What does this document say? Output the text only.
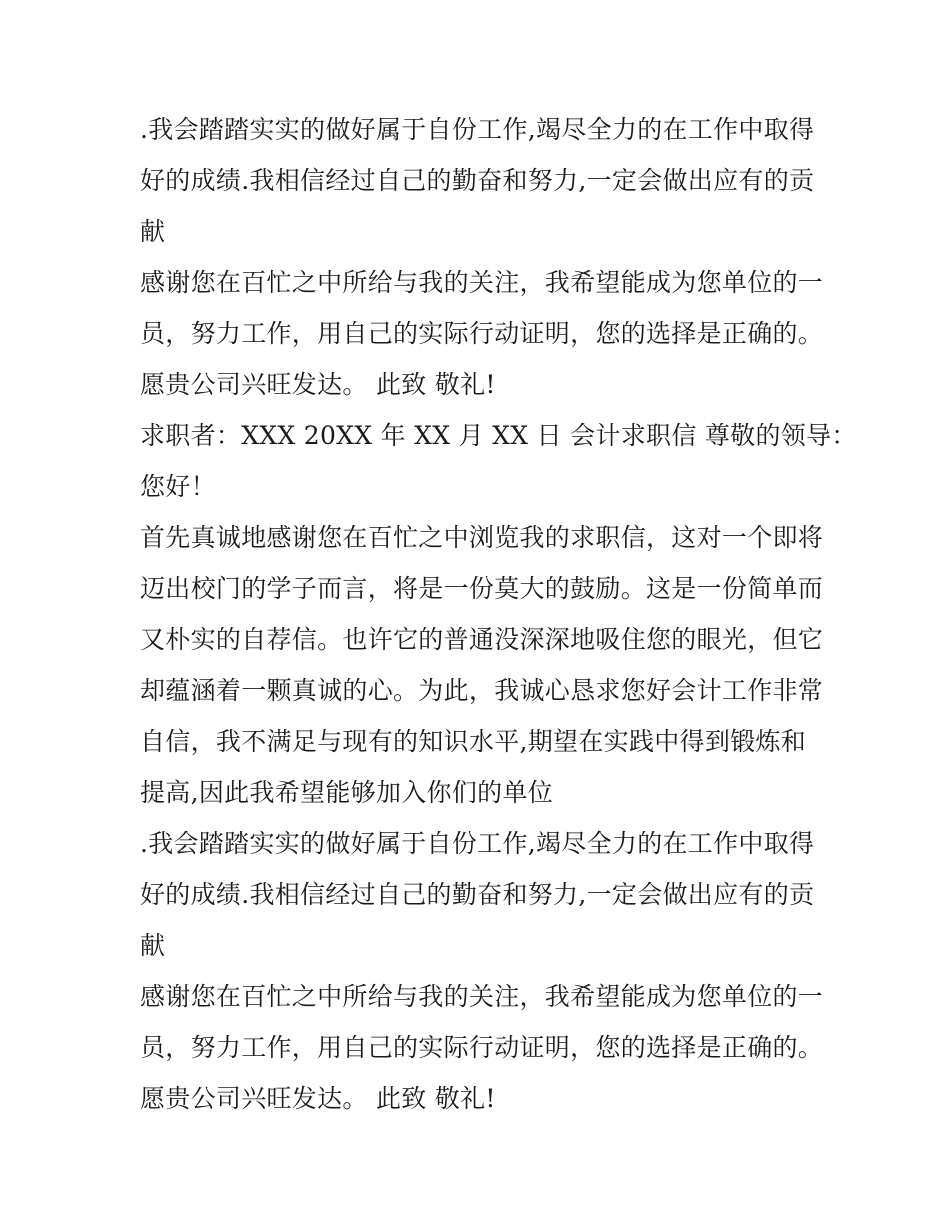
.我会踏踏实实的做好属于自份工作,竭尽全力的在工作中取得
好的成绩.我相信经过自己的勤奋和努力,一定会做出应有的贡
献
感谢您在百忙之中所给与我的关注，我希望能成为您单位的一
员，努力工作，用自己的实际行动证明，您的选择是正确的。
愿贵公司兴旺发达。 此致 敬礼!
求职者：XXX 20XX 年 XX 月 XX 日 会计求职信 尊敬的领导：
您好！
首先真诚地感谢您在百忙之中浏览我的求职信，这对一个即将
迈出校门的学子而言，将是一份莫大的鼓励。这是一份简单而
又朴实的自荐信。也许它的普通没深深地吸住您的眼光，但它
却蕴涵着一颗真诚的心。为此，我诚心恳求您好会计工作非常
自信，我不满足与现有的知识水平,期望在实践中得到锻炼和
提高,因此我希望能够加入你们的单位
.我会踏踏实实的做好属于自份工作,竭尽全力的在工作中取得
好的成绩.我相信经过自己的勤奋和努力,一定会做出应有的贡
献
感谢您在百忙之中所给与我的关注，我希望能成为您单位的一
员，努力工作，用自己的实际行动证明，您的选择是正确的。
愿贵公司兴旺发达。 此致 敬礼!
